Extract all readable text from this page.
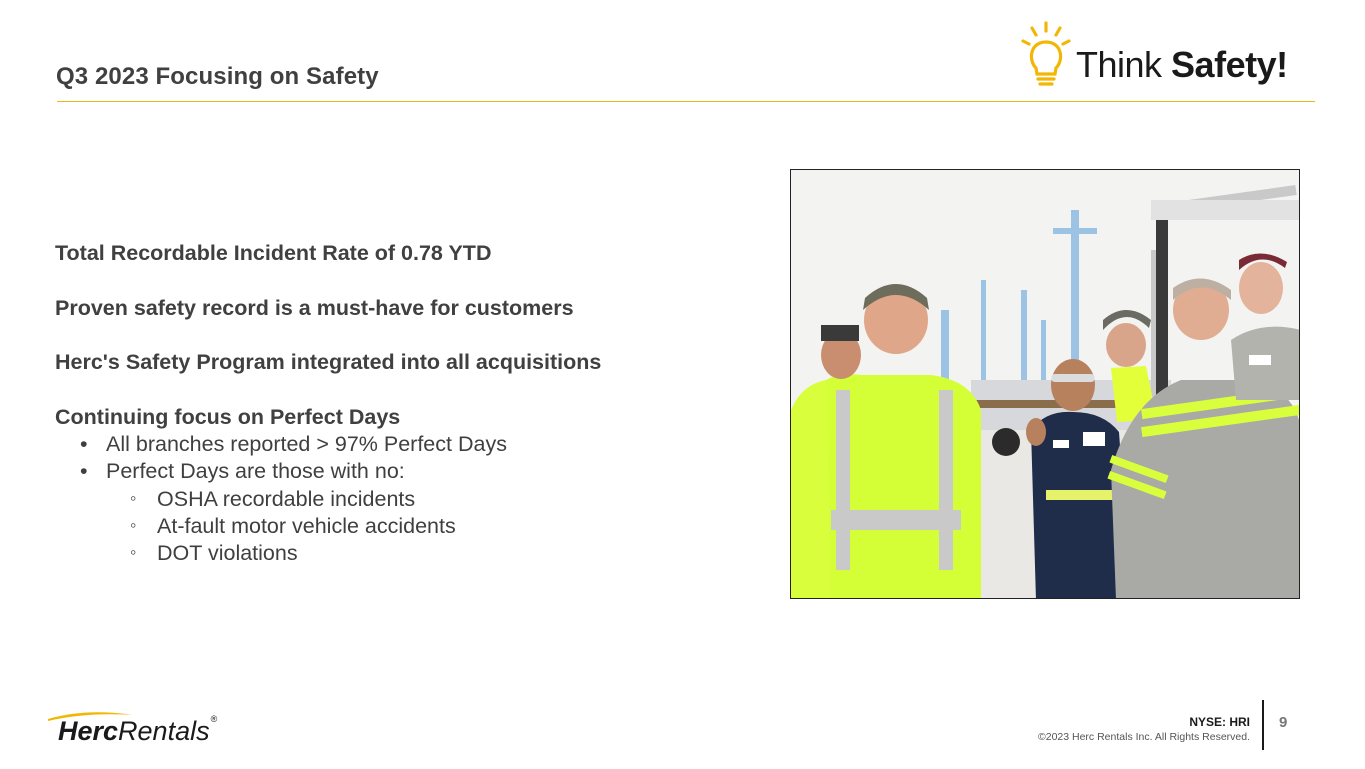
Q3 2023 Focusing on Safety	Think Safety!
Total Recordable Incident Rate of 0.78 YTD
Proven safety record is a must-have for customers
Herc's Safety Program integrated into all acquisitions
Continuing focus on Perfect Days
• All branches reported > 97% Perfect Days
• Perfect Days are those with no:
◦ OSHA recordable incidents
◦ At-fault motor vehicle accidents
◦ DOT violations
HercRentals®	NYSE: HRI
©2023 Herc Rentals Inc. All Rights Reserved.
9
